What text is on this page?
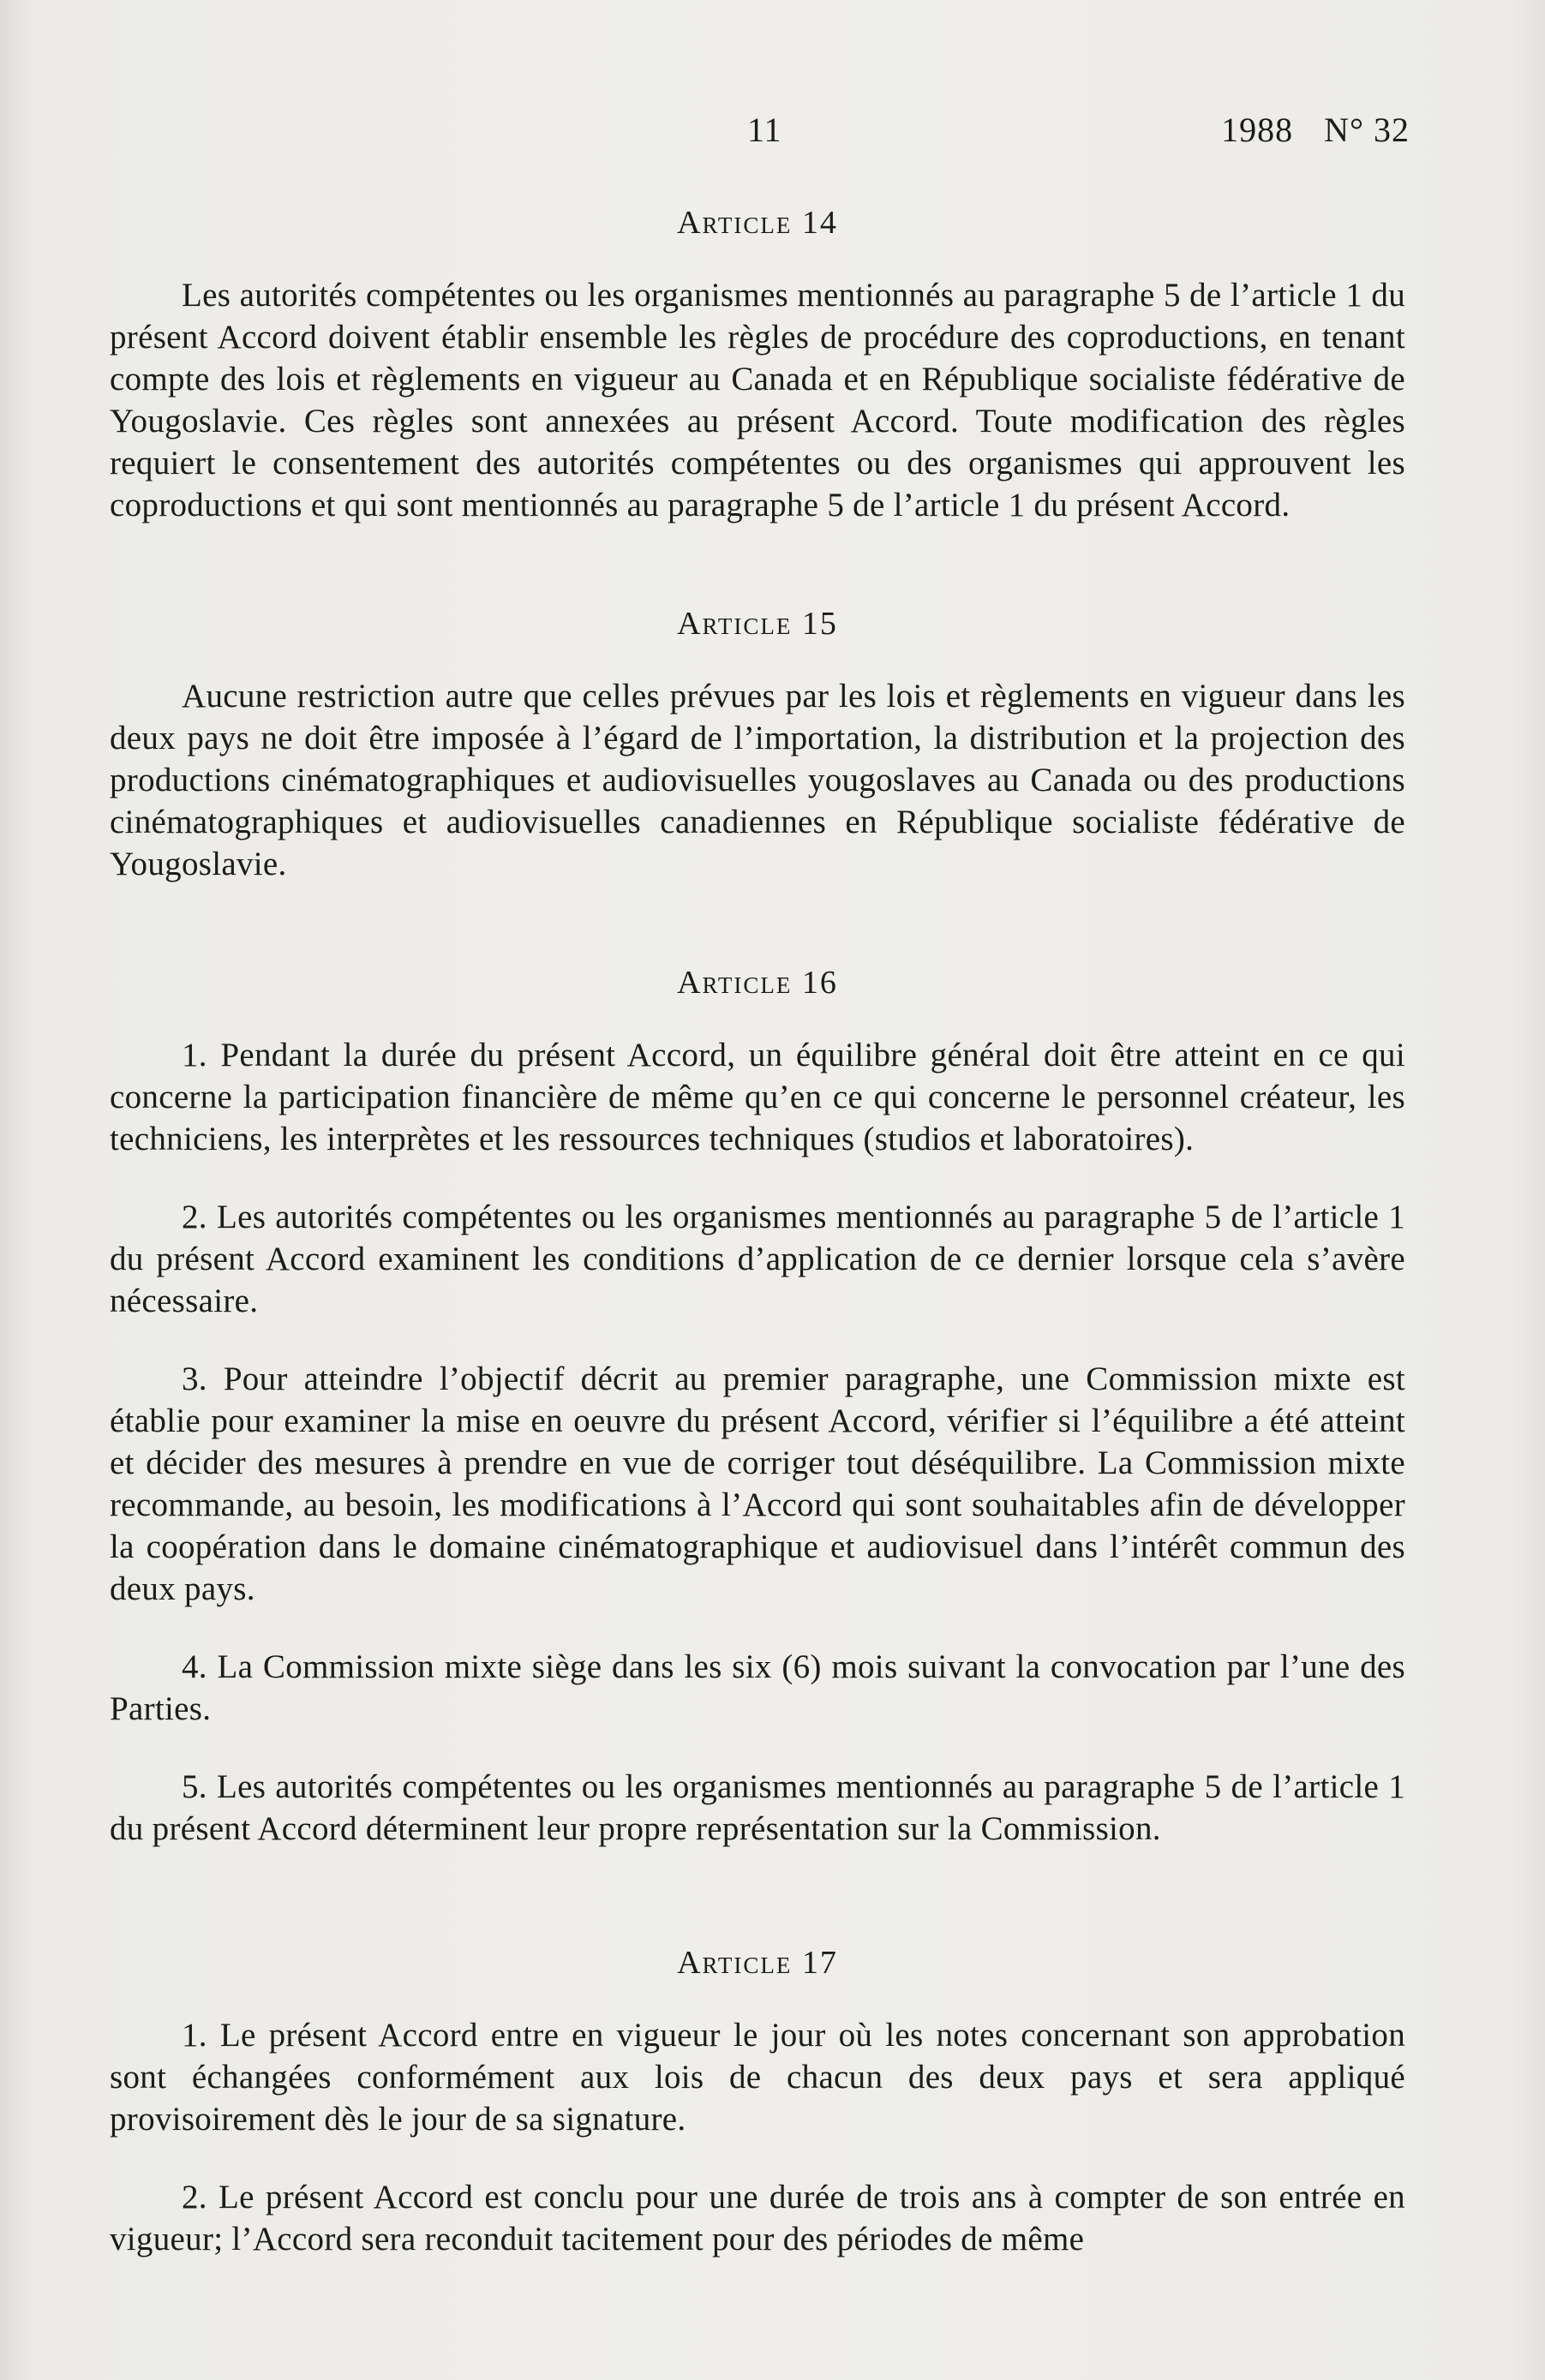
11	1988 N° 32
Article 14

Les autorités compétentes ou les organismes mentionnés au paragraphe 5 de l’article 1 du présent Accord doivent établir ensemble les règles de procédure des coproductions, en tenant compte des lois et règlements en vigueur au Canada et en République socialiste fédérative de Yougoslavie. Ces règles sont annexées au présent Accord. Toute modification des règles requiert le consentement des autorités compétentes ou des organismes qui approuvent les coproductions et qui sont mentionnés au paragraphe 5 de l’article 1 du présent Accord.

Article 15

Aucune restriction autre que celles prévues par les lois et règlements en vigueur dans les deux pays ne doit être imposée à l’égard de l’importation, la distribution et la projection des productions cinématographiques et audiovisuelles yougoslaves au Canada ou des productions cinématographiques et audiovisuelles canadiennes en République socialiste fédérative de Yougoslavie.

Article 16

1. Pendant la durée du présent Accord, un équilibre général doit être atteint en ce qui concerne la participation financière de même qu’en ce qui concerne le personnel créateur, les techniciens, les interprètes et les ressources techniques (studios et laboratoires).

2. Les autorités compétentes ou les organismes mentionnés au paragraphe 5 de l’article 1 du présent Accord examinent les conditions d’application de ce dernier lorsque cela s’avère nécessaire.

3. Pour atteindre l’objectif décrit au premier paragraphe, une Commission mixte est établie pour examiner la mise en oeuvre du présent Accord, vérifier si l’équilibre a été atteint et décider des mesures à prendre en vue de corriger tout déséquilibre. La Commission mixte recommande, au besoin, les modifications à l’Accord qui sont souhaitables afin de développer la coopération dans le domaine cinématographique et audiovisuel dans l’intérêt commun des deux pays.

4. La Commission mixte siège dans les six (6) mois suivant la convocation par l’une des Parties.

5. Les autorités compétentes ou les organismes mentionnés au paragraphe 5 de l’article 1 du présent Accord déterminent leur propre représentation sur la Commission.

Article 17

1. Le présent Accord entre en vigueur le jour où les notes concernant son approbation sont échangées conformément aux lois de chacun des deux pays et sera appliqué provisoirement dès le jour de sa signature.

2. Le présent Accord est conclu pour une durée de trois ans à compter de son entrée en vigueur; l’Accord sera reconduit tacitement pour des périodes de même
